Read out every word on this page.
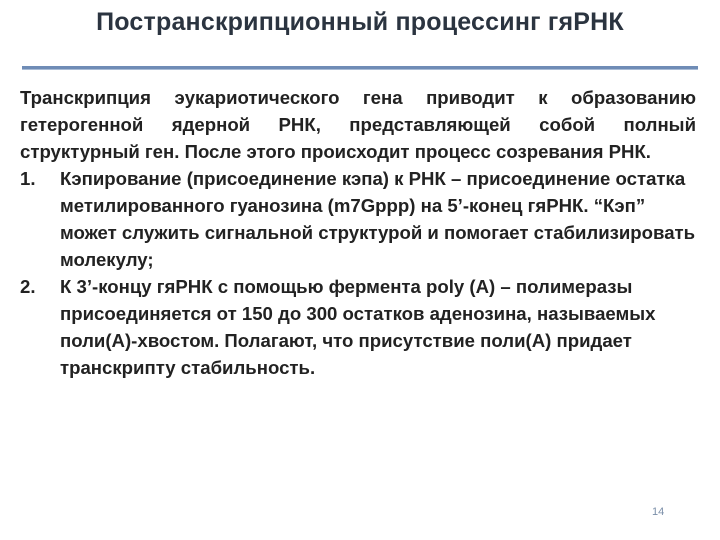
Постранскрипционный процессинг гяРНК

Транскрипция эукариотического гена приводит к образованию гетерогенной ядерной РНК, представляющей собой полный структурный ген. После этого происходит процесс созревания РНК.

1. Кэпирование (присоединение кэпа) к РНК – присоединение остатка метилированного гуанозина (m7Gppp) на 5’-конец гяРНК. “Кэп” может служить сигнальной структурой и помогает стабилизировать молекулу;
2. К 3’-концу гяРНК с помощью фермента poly (A) – полимеразы присоединяется от 150 до 300 остатков аденозина, называемых поли(А)-хвостом. Полагают, что присутствие поли(А) придает транскрипту стабильность.
14
